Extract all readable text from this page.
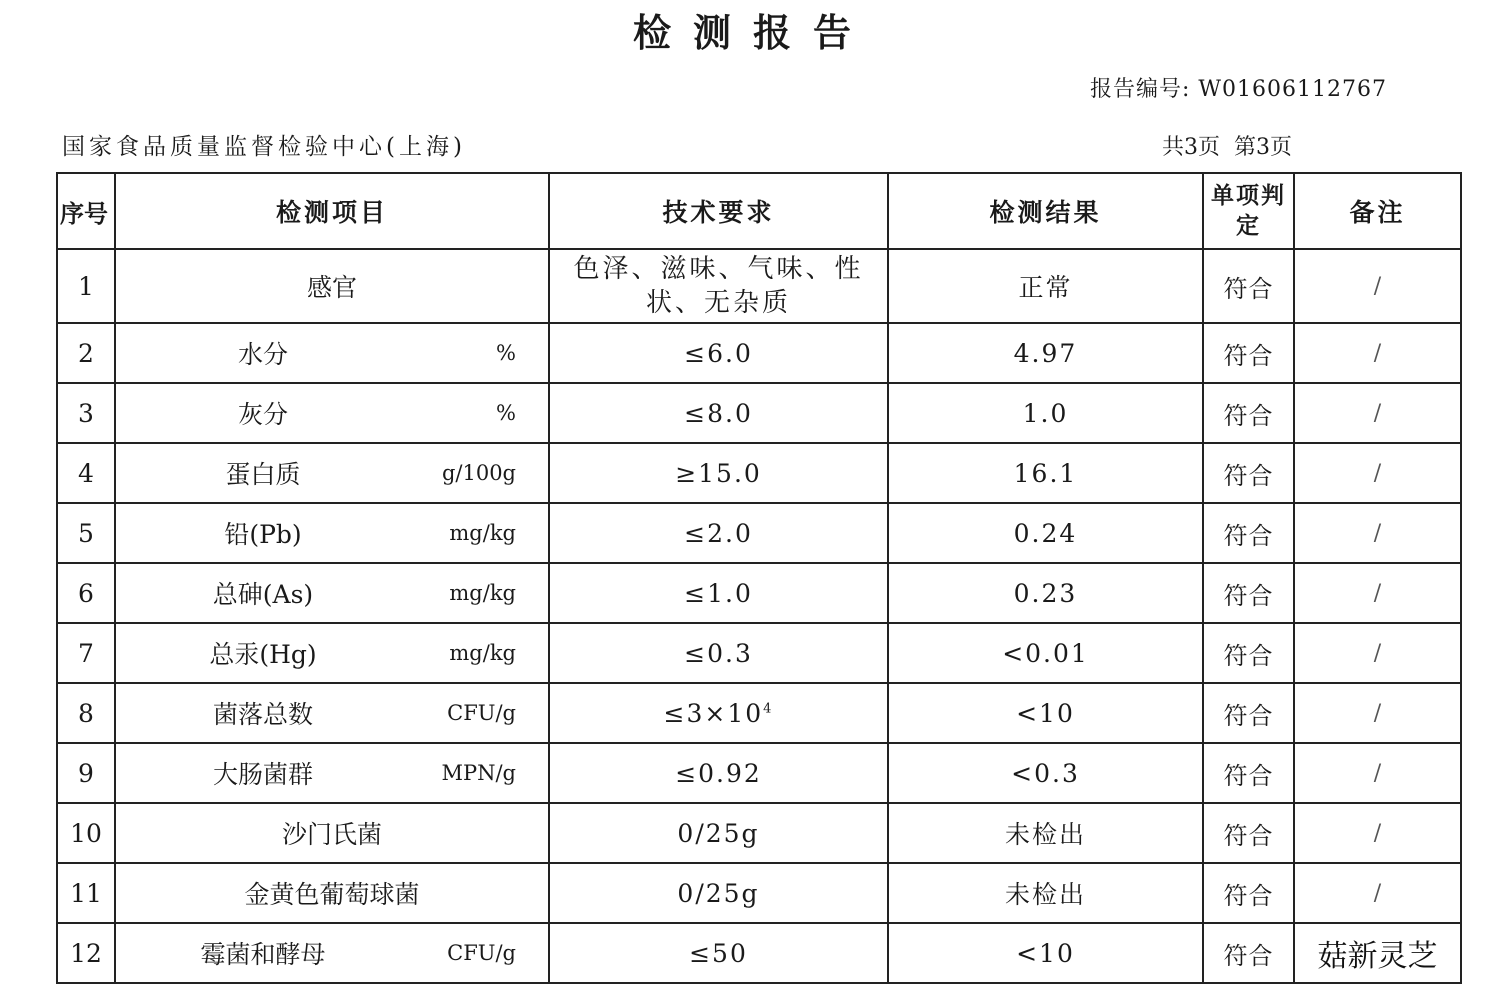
检测报告
报告编号: W01606112767
国家食品质量监督检验中心(上海)	共3页 第3页
序号	检测项目	技术要求	检测结果	单项判定	备注
1	感官	色泽、滋味、气味、性状、无杂质	正常	符合	/
2	水分 %	≤6.0	4.97	符合	/
3	灰分 %	≤8.0	1.0	符合	/
4	蛋白质 g/100g	≥15.0	16.1	符合	/
5	铅(Pb) mg/kg	≤2.0	0.24	符合	/
6	总砷(As) mg/kg	≤1.0	0.23	符合	/
7	总汞(Hg) mg/kg	≤0.3	<0.01	符合	/
8	菌落总数 CFU/g	$\le 3\times 10^4$	<10	符合	/
9	大肠菌群 MPN/g	≤0.92	<0.3	符合	/
10	沙门氏菌	0/25g	未检出	符合	/
11	金黄色葡萄球菌	0/25g	未检出	符合	/
12	霉菌和酵母 CFU/g	≤50	<10	符合	菇新灵芝
